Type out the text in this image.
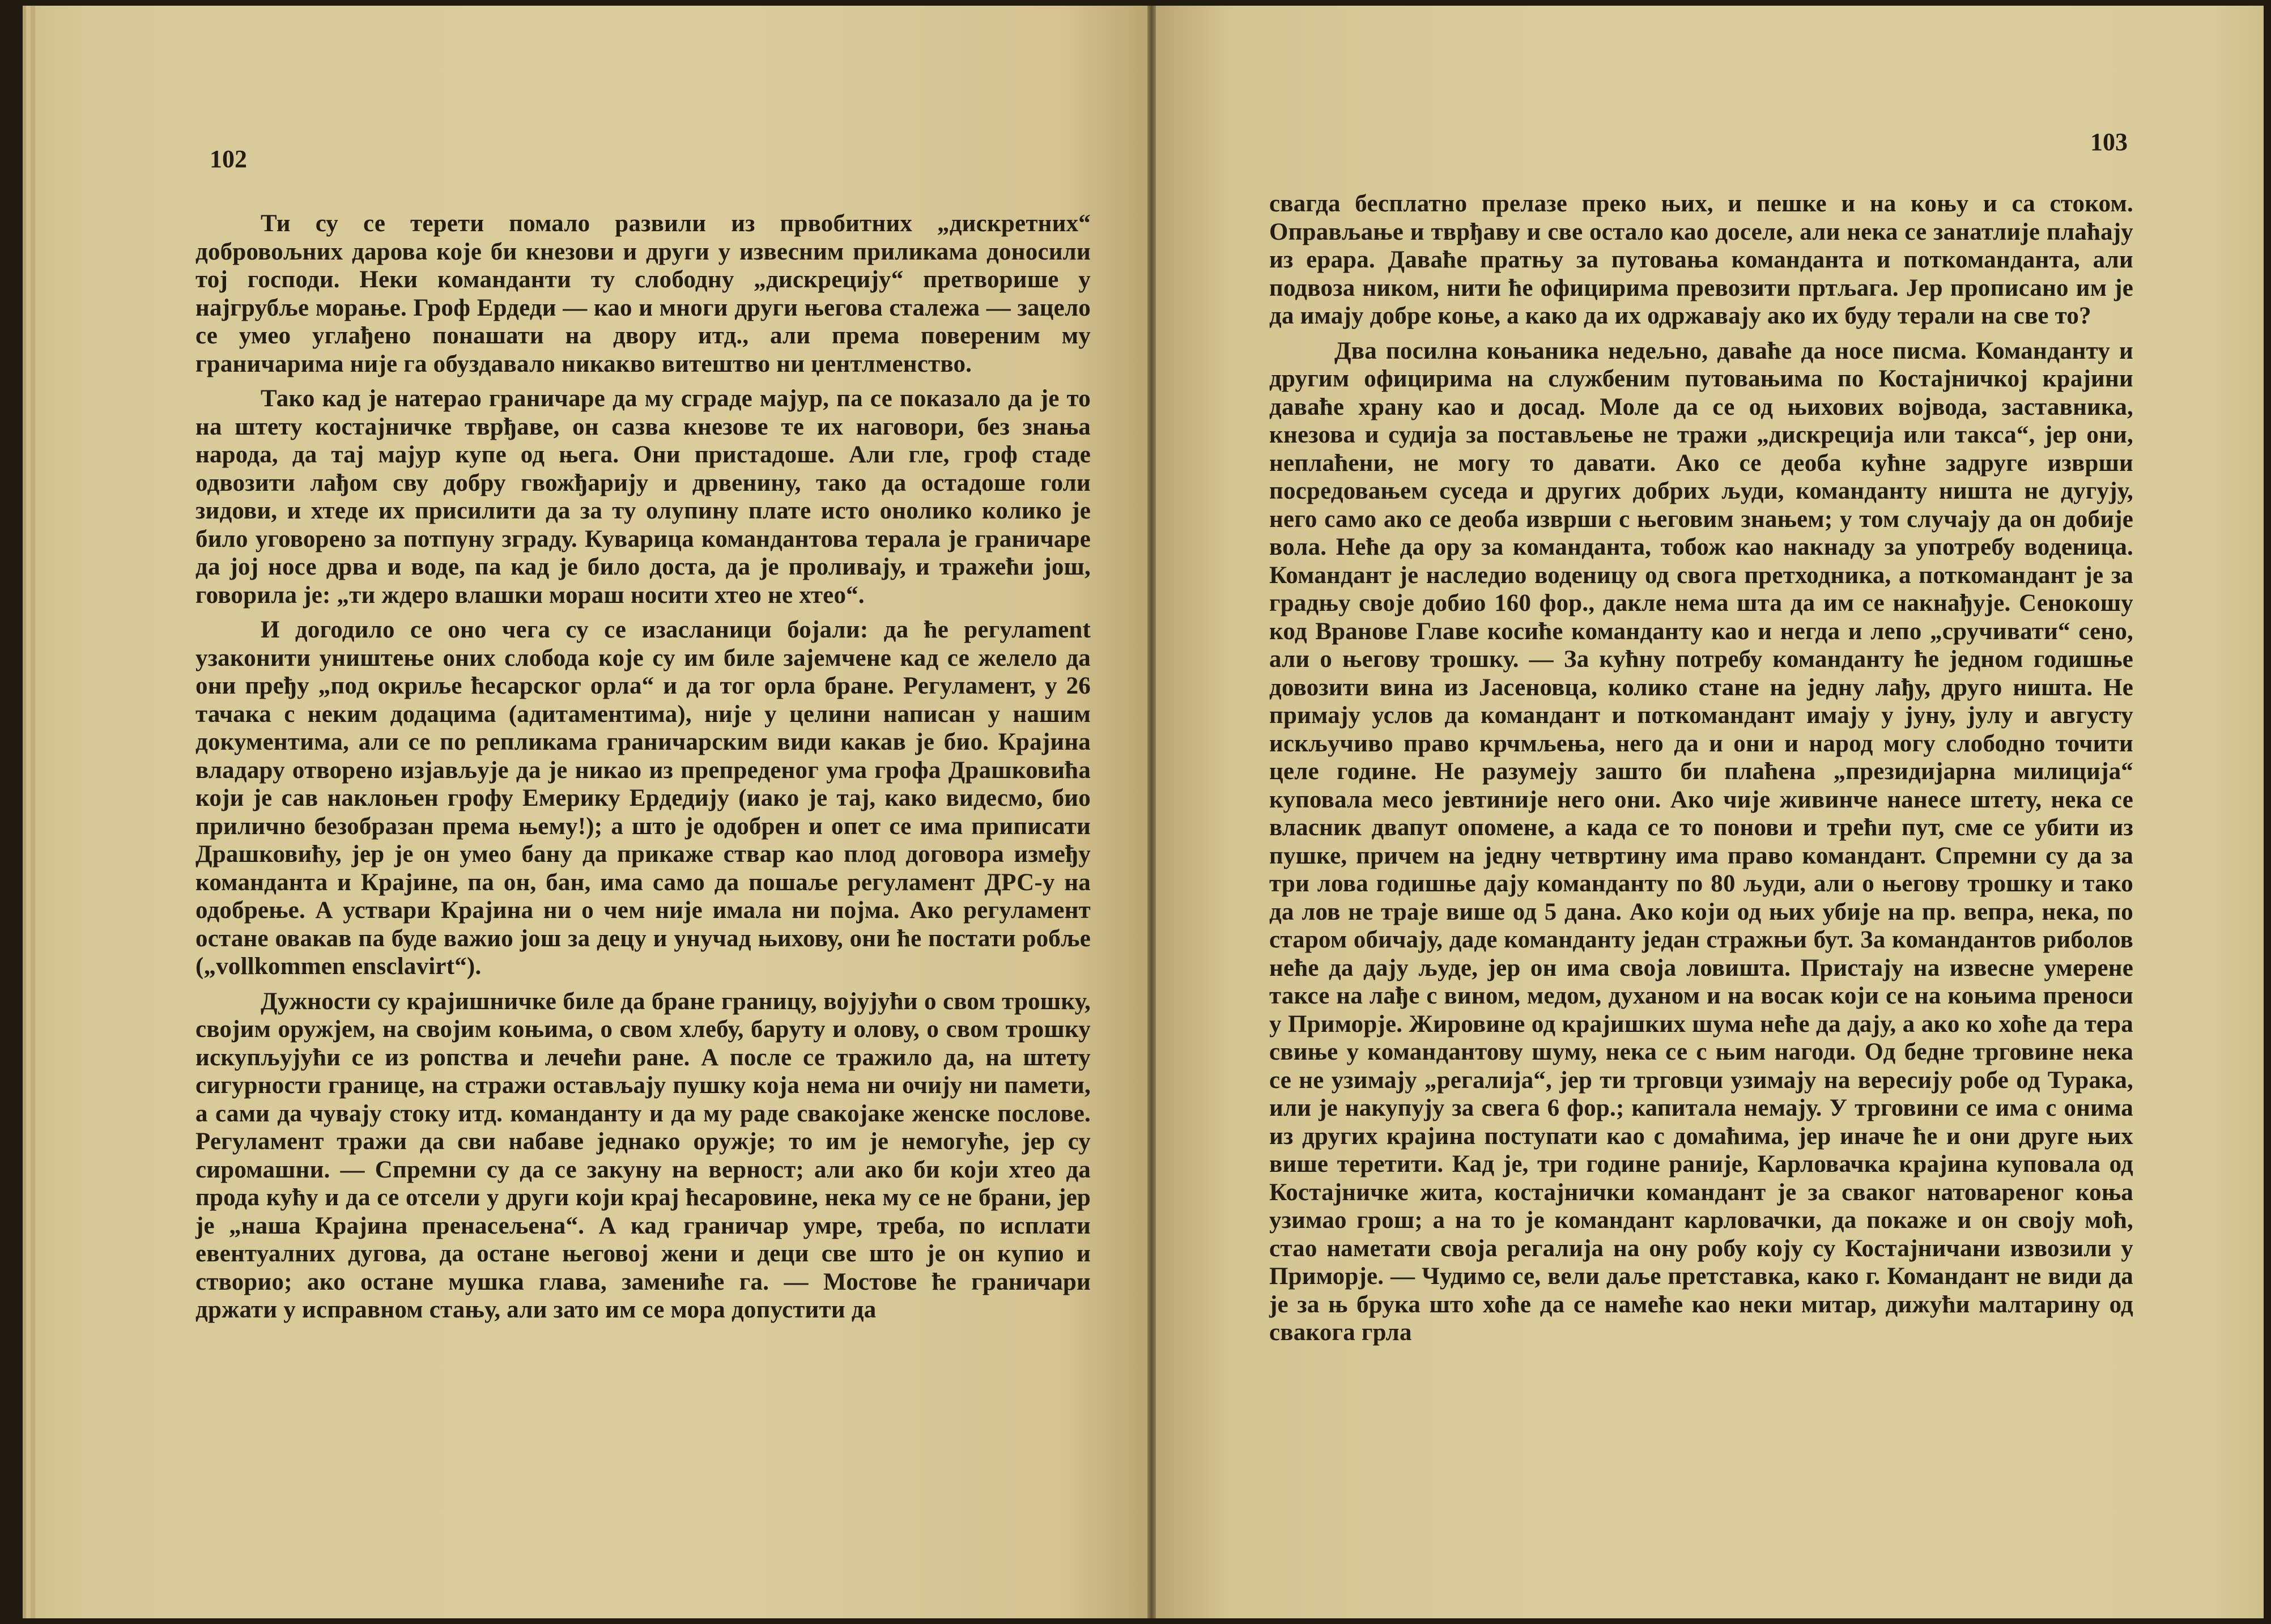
102

Ти су се терети помало развили из првобитних „дискретних“ добровољних дарова које би кнезови и други у извесним приликама доносили тој господи. Неки команданти ту слободну „дискрецију“ претворише у најгрубље морање. Гроф Ердеди — као и многи други његова сталежа — зацело се умео углађено понашати на двору итд., али према повереним му граничарима није га обуздавало никакво витештво ни џентлменство.

Тако кад је натерао граничаре да му сграде мајур, па се показало да је то на штету костајничке тврђаве, он сазва кнезове те их наговори, без знања народа, да тај мајур купе од њега. Они пристадоше. Али гле, гроф стаде одвозити лађом сву добру гвожђарију и дрвенину, тако да остадоше голи зидови, и хтеде их присилити да за ту олупину плате исто онолико колико је било уговорено за потпуну зграду. Куварица командантова терала је граничаре да јој носе дрва и воде, па кад је било доста, да је проливају, и тражећи још, говорила је: „ти ждеро влашки мораш носити хтео не хтео“.

И догодило се оно чега су се изасланици бојали: да ће регулament узаконити уништење оних слобода које су им биле зајемчене кад се желело да они пређу „под окриље ћесарског орла“ и да тог орла бране. Регуламент, у 26 тачака с неким додацима (адитаментима), није у целини написан у нашим документима, али се по репликама граничарским види какав је био. Крајина владару отворено изјављује да је никао из препреденог ума грофа Драшковића који је сав наклоњен грофу Емерику Ердедију (иако је тај, како видесмо, био прилично безобразан према њему!); а што је одобрен и опет се има приписати Драшковићу, јер је он умео бану да прикаже ствар као плод договора између команданта и Крајине, па он, бан, има само да пошаље регуламент ДРС-у на одобрење. А уствари Крајина ни о чем није имала ни појма. Ако регуламент остане овакав па буде важио још за децу и унучад њихову, они ће постати робље („vollkommen ensclavirt“).

Дужности су крајишничке биле да бране границу, војујући о свом трошку, својим оружјем, на својим коњима, о свом хлебу, барyту и олову, о свом трошку искупљујући се из ропства и лечећи ране. А после се тражило да, на штету сигурности границе, на стражи остављају пушку која нема ни очију ни памети, а сами да чувају стоку итд. команданту и да му раде свакојаке женске послове. Регуламент тражи да сви набаве једнако оружје; то им је немогуће, јер су сиромашни. — Спремни су да се закуну на верност; али ако би који хтео да прода кућу и да се отсели у други који крај ћесаровине, нека му се не брани, јер је „наша Крајина пренасељена“. А кад граничар умре, треба, по исплати евентуалних дугова, да остане његовој жени и деци све што је он купио и створио; ако остане мушка глава, замениће га. — Мостове ће граничари држати у исправном стању, али зато им се мора допустити да

103

свагда бесплатно прелазе преко њих, и пешке и на коњу и са стоком. Оправљање и тврђаву и све остало као доселе, али нека се занатлије плаћају из ерара. Даваће пратњу за путовања команданта и поткоманданта, али подвоза ником, нити ће официрима превозити пртљага. Јер прописано им је да имају добре коње, а како да их одржавају ако их буду терали на све то?

Два посилна коњаника недељно, даваће да носе писма. Команданту и другим официрима на службеним путовањима по Костајничкој крајини даваће храну као и досад. Моле да се од њихових војвода, заставника, кнезова и судија за постављење не тражи „дискреција или такса“, јер они, неплаћени, не могу то давати. Ако се деоба кућне задруге изврши посредовањем суседа и других добрих људи, команданту ништа не дугују, него само ако се деоба изврши с његовим знањем; у том случају да он добије вола. Неће да ору за команданта, тобож као накнаду за употребу воденица. Командант је наследио воденицу од свога претходника, а поткомандант је за градњу своје добио 160 фор., дакле нема шта да им се накнађује. Сенокошу код Вранове Главе косиће команданту као и негда и лепо „сручивати“ сено, али о његову трошку. — За кућну потребу команданту ће једном годишње довозити вина из Јасеновца, колико стане на једну лађу, друго ништа. Не примају услов да командант и поткомандант имају у јуну, јулу и августу искључиво право крчмљења, него да и они и народ могу слободно точити целе године. Не разумеју зашто би плаћена „президијарна милиција“ куповала месо јевтиније него они. Ако чије живинче нанесе штету, нека се власник двапут опомене, а када се то понови и трећи пут, сме се убити из пушке, причем на једну четвртину има право командант. Спремни су да за три лова годишње дају команданту по 80 људи, али о његову трошку и тако да лов не траје више од 5 дана. Ако који од њих убије на пр. вепра, нека, по старом обичају, даде команданту један стражњи бут. За командантов риболов неће да дају људе, јер он има своја ловишта. Пристају на извесне умерене таксе на лађе с вином, медом, духаном и на восак који се на коњима преноси у Приморје. Жировине од крајишких шума неће да дају, а ако ко хоће да тера свиње у командантову шуму, нека се с њим нагоди. Од бедне трговине нека се не узимају „регалија“, јер ти трговци узимају на вересију робе од Турака, или је накупују за свега 6 фор.; капитала немају. У трговини се има с онима из других крајина поступати као с домаћима, јер иначе ће и они друге њих више теретити. Кад је, три године раније, Карловачка крајина куповала од Костајничке жита, костајнички командант је за сваког натовареног коња узимао грош; а на то је командант карловачки, да покаже и он своју моћ, стао наметати своја регалија на ону робу коју су Костајничани извозили у Приморје. — Чудимо се, вели даље претставка, како г. Командант не види да је за њ брука што хоће да се намеће као неки митар, дижући малтарину од свакога грла
